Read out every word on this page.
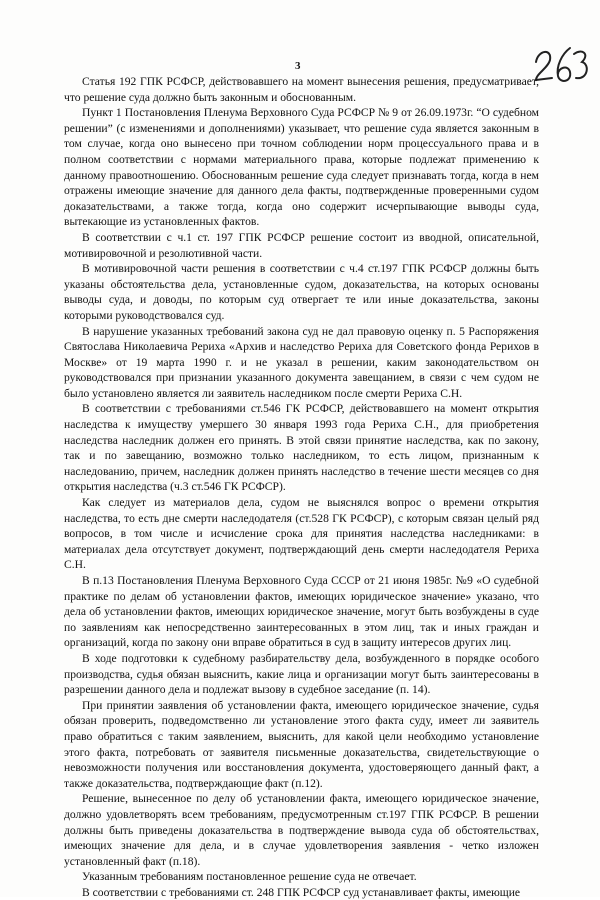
3
263

Статья 192 ГПК РСФСР, действовавшего на момент вынесения решения, предусматривает, что решение суда должно быть законным и обоснованным.

Пункт 1 Постановления Пленума Верховного Суда РСФСР № 9 от 26.09.1973г. “О судебном решении” (с изменениями и дополнениями) указывает, что решение суда является законным в том случае, когда оно вынесено при точном соблюдении норм процессуального права и в полном соответствии с нормами материального права, которые подлежат применению к данному правоотношению. Обоснованным решение суда следует признавать тогда, когда в нем отражены имеющие значение для данного дела факты, подтвержденные проверенными судом доказательствами, а также тогда, когда оно содержит исчерпывающие выводы суда, вытекающие из установленных фактов.

В соответствии с ч.1 ст. 197 ГПК РСФСР решение состоит из вводной, описательной, мотивировочной и резолютивной части.

В мотивировочной части решения в соответствии с ч.4 ст.197 ГПК РСФСР должны быть указаны обстоятельства дела, установленные судом, доказательства, на которых основаны выводы суда, и доводы, по которым суд отвергает те или иные доказательства, законы которыми руководствовался суд.

В нарушение указанных требований закона суд не дал правовую оценку п. 5 Распоряжения Святослава Николаевича Рериха «Архив и наследство Рериха для Советского фонда Рерихов в Москве» от 19 марта 1990 г. и не указал в решении, каким законодательством он руководствовался при признании указанного документа завещанием, в связи с чем судом не было установлено является ли заявитель наследником после смерти Рериха С.Н.

В соответствии с требованиями ст.546 ГК РСФСР, действовавшего на момент открытия наследства к имуществу умершего 30 января 1993 года Рериха С.Н., для приобретения наследства наследник должен его принять. В этой связи принятие наследства, как по закону, так и по завещанию, возможно только наследником, то есть лицом, признанным к наследованию, причем, наследник должен принять наследство в течение шести месяцев со дня открытия наследства (ч.3 ст.546 ГК РСФСР).

Как следует из материалов дела, судом не выяснялся вопрос о времени открытия наследства, то есть дне смерти наследодателя (ст.528 ГК РСФСР), с которым связан целый ряд вопросов, в том числе и исчисление срока для принятия наследства наследниками: в материалах дела отсутствует документ, подтверждающий день смерти наследодателя Рериха С.Н.

В п.13 Постановления Пленума Верховного Суда СССР от 21 июня 1985г. №9 «О судебной практике по делам об установлении фактов, имеющих юридическое значение» указано, что дела об установлении фактов, имеющих юридическое значение, могут быть возбуждены в суде по заявлениям как непосредственно заинтересованных в этом лиц, так и иных граждан и организаций, когда по закону они вправе обратиться в суд в защиту интересов других лиц.

В ходе подготовки к судебному разбирательству дела, возбужденного в порядке особого производства, судья обязан выяснить, какие лица и организации могут быть заинтересованы в разрешении данного дела и подлежат вызову в судебное заседание (п. 14).

При принятии заявления об установлении факта, имеющего юридическое значение, судья обязан проверить, подведомственно ли установление этого факта суду, имеет ли заявитель право обратиться с таким заявлением, выяснить, для какой цели необходимо установление этого факта, потребовать от заявителя письменные доказательства, свидетельствующие о невозможности получения или восстановления документа, удостоверяющего данный факт, а также доказательства, подтверждающие факт (п.12).

Решение, вынесенное по делу об установлении факта, имеющего юридическое значение, должно удовлетворять всем требованиям, предусмотренным ст.197 ГПК РСФСР. В решении должны быть приведены доказательства в подтверждение вывода суда об обстоятельствах, имеющих значение для дела, и в случае удовлетворения заявления - четко изложен установленный факт (п.18).

Указанным требованиям постановленное решение суда не отвечает.

В соответствии с требованиями ст. 248 ГПК РСФСР суд устанавливает факты, имеющие
